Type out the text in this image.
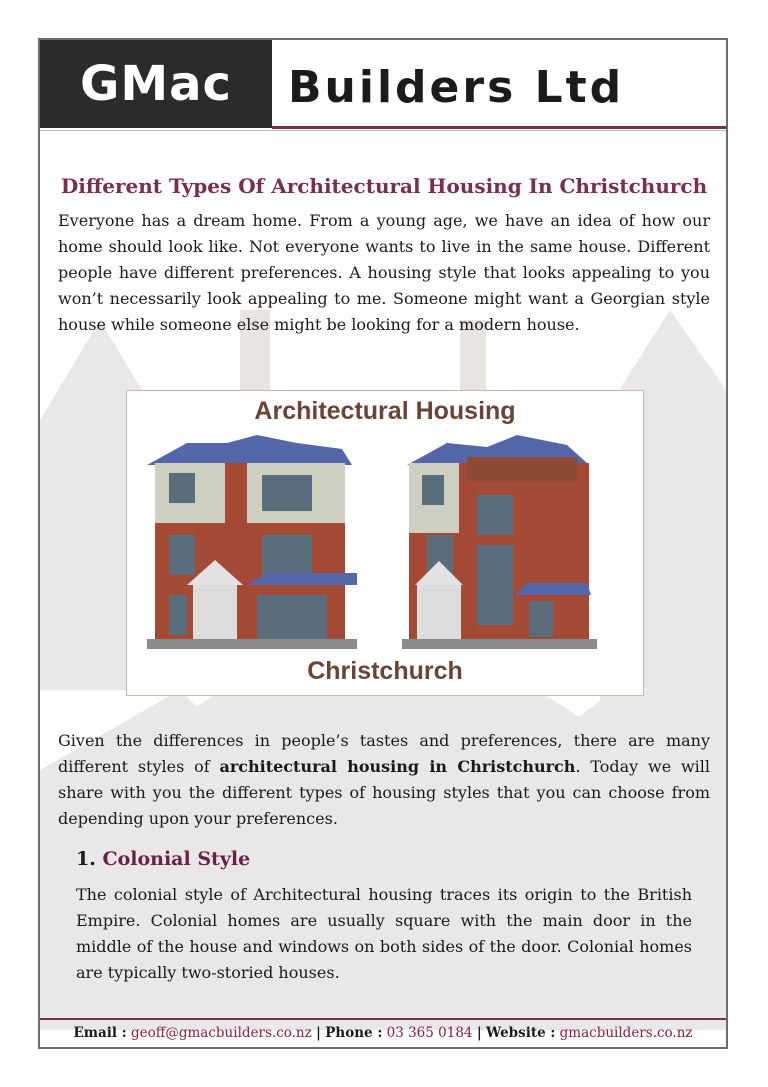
GMac	Builders Ltd
Different Types Of Architectural Housing In Christchurch

Everyone has a dream home. From a young age, we have an idea of how our home should look like. Not everyone wants to live in the same house. Different people have different preferences. A housing style that looks appealing to you won’t necessarily look appealing to me. Someone might want a Georgian style house while someone else might be looking for a modern house.

Architectural Housing
Christchurch

Given the differences in people’s tastes and preferences, there are many different styles of architectural housing in Christchurch. Today we will share with you the different types of housing styles that you can choose from depending upon your preferences.

1. Colonial Style

The colonial style of Architectural housing traces its origin to the British Empire. Colonial homes are usually square with the main door in the middle of the house and windows on both sides of the door. Colonial homes are typically two-storied houses.

Email : geoff@gmacbuilders.co.nz | Phone : 03 365 0184 | Website : gmacbuilders.co.nz
